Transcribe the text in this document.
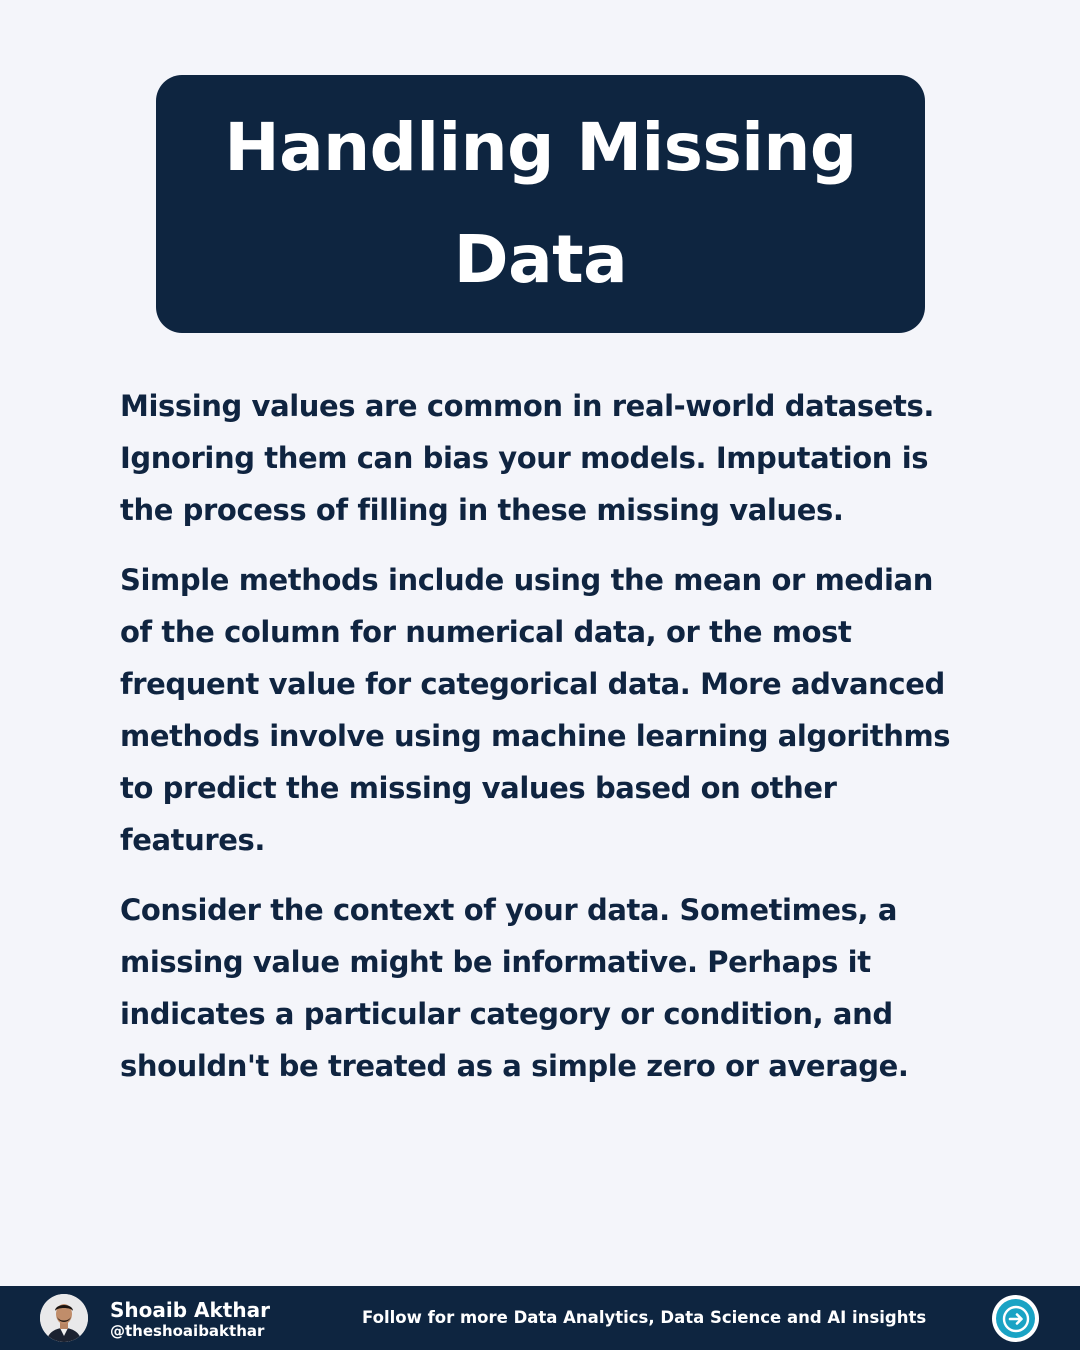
Handling Missing Data

Missing values are common in real-world datasets. Ignoring them can bias your models. Imputation is the process of filling in these missing values.

Simple methods include using the mean or median of the column for numerical data, or the most frequent value for categorical data. More advanced methods involve using machine learning algorithms to predict the missing values based on other features.

Consider the context of your data. Sometimes, a missing value might be informative. Perhaps it indicates a particular category or condition, and shouldn't be treated as a simple zero or average.

Shoaib Akthar
@theshoaibakthar
Follow for more Data Analytics, Data Science and AI insights
